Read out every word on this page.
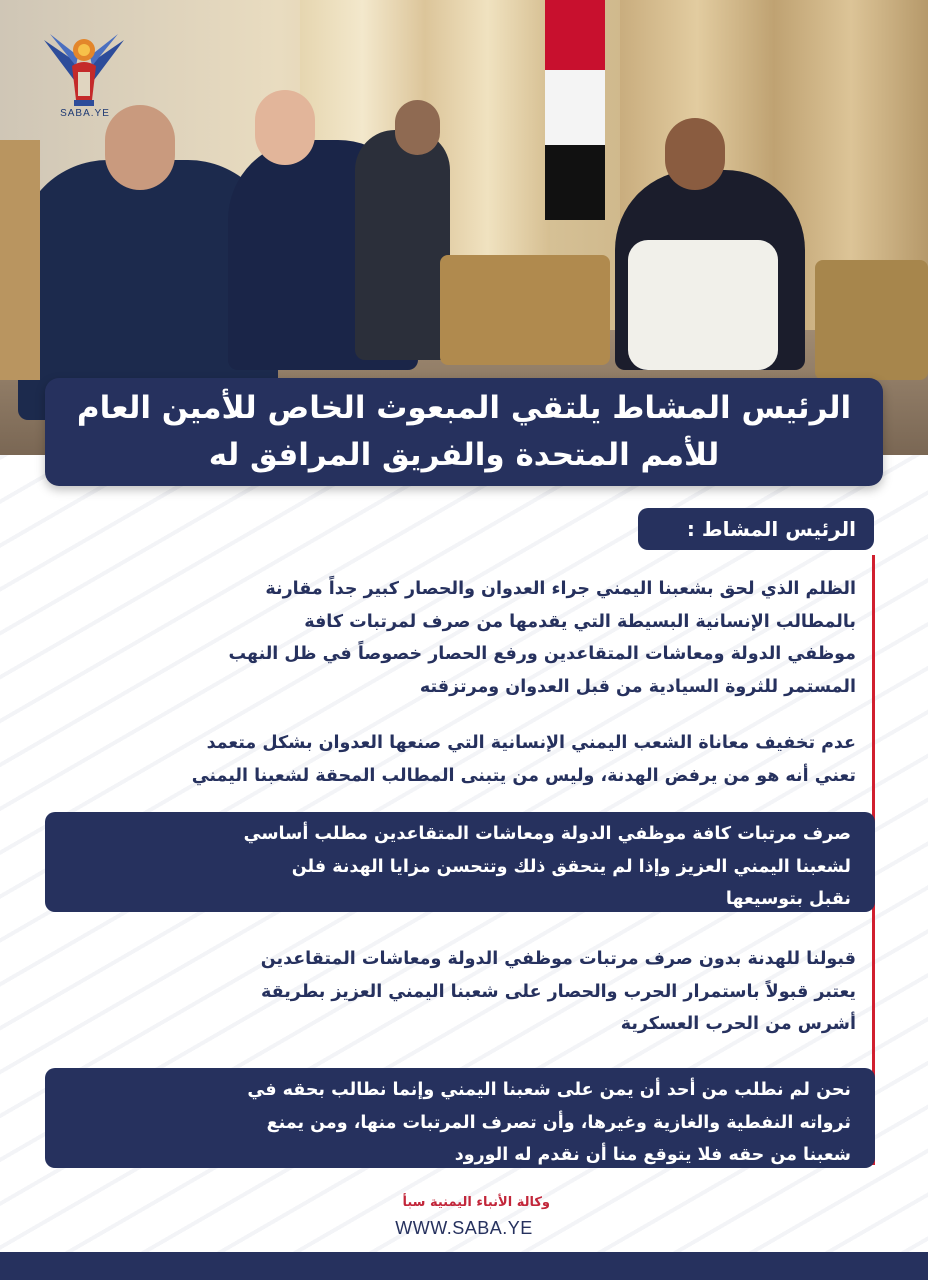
SABA.YE
الرئيس المشاط يلتقي المبعوث الخاص للأمين العام
للأمم المتحدة والفريق المرافق له
الرئيس المشاط :
الظلم الذي لحق بشعبنا اليمني جراء العدوان والحصار كبير جداً مقارنة
بالمطالب الإنسانية البسيطة التي يقدمها من صرف لمرتبات كافة
موظفي الدولة ومعاشات المتقاعدين ورفع الحصار خصوصاً في ظل النهب
المستمر للثروة السيادية من قبل العدوان ومرتزقته
عدم تخفيف معاناة الشعب اليمني الإنسانية التي صنعها العدوان بشكل متعمد
تعني أنه هو من يرفض الهدنة، وليس من يتبنى المطالب المحقة لشعبنا اليمني
صرف مرتبات كافة موظفي الدولة ومعاشات المتقاعدين مطلب أساسي
لشعبنا اليمني العزيز وإذا لم يتحقق ذلك وتتحسن مزايا الهدنة فلن
نقبل بتوسيعها
قبولنا للهدنة بدون صرف مرتبات موظفي الدولة ومعاشات المتقاعدين
يعتبر قبولاً باستمرار الحرب والحصار على شعبنا اليمني العزيز بطريقة
أشرس من الحرب العسكرية
نحن لم نطلب من أحد أن يمن على شعبنا اليمني وإنما نطالب بحقه في
ثرواته النفطية والغازية وغيرها، وأن تصرف المرتبات منها، ومن يمنع
شعبنا من حقه فلا يتوقع منا أن نقدم له الورود
وكالة الأنباء اليمنية سبأ
WWW.SABA.YE
